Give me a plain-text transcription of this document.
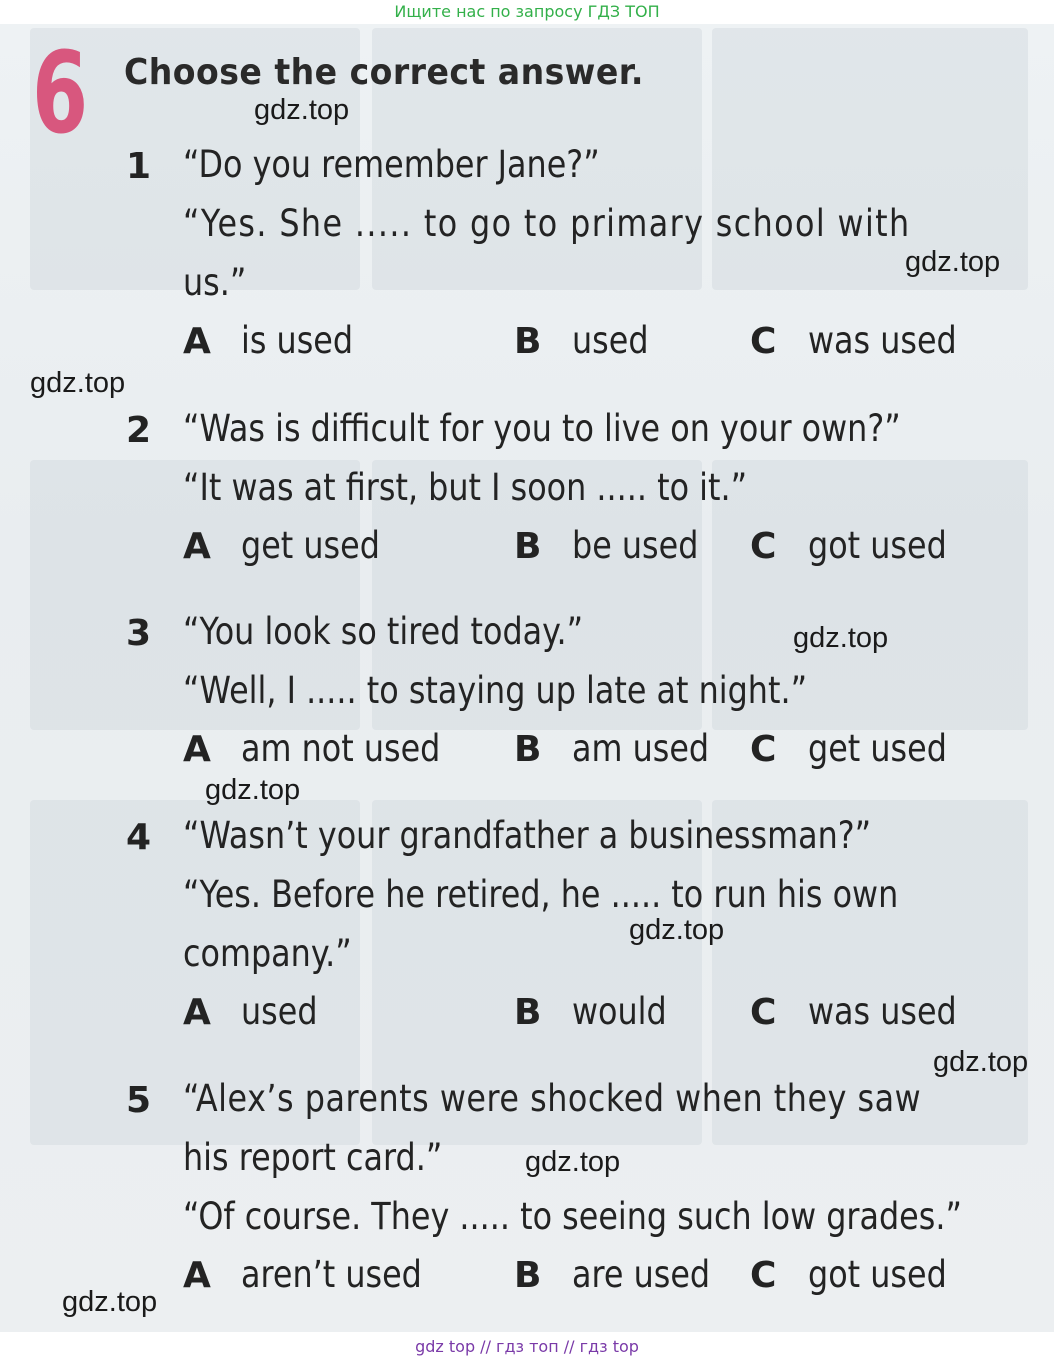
Ищите нас по запросу ГДЗ ТОП
6 Choose the correct answer.
1 “Do you remember Jane?”
“Yes. She ..... to go to primary school with
us.”
A is used	B used	C was used
2 “Was is difficult for you to live on your own?”
“It was at first, but I soon ..... to it.”
A get used	B be used C got used
3 “You look so tired today.”
“Well, I ..... to staying up late at night.”
A am not used B am used C get used
4 “Wasn’t your grandfather a businessman?”
“Yes. Before he retired, he ..... to run his own
company.”
A used	B would C was used
5 “Alex’s parents were shocked when they saw
his report card.”
“Of course. They ..... to seeing such low grades.”
A aren’t used	B are used C got used
gdz.top
gdz.top
gdz.top
gdz.top
gdz.top
gdz.top
gdz.top
gdz.top
gdz.top
gdz top // гдз топ // гдз top
